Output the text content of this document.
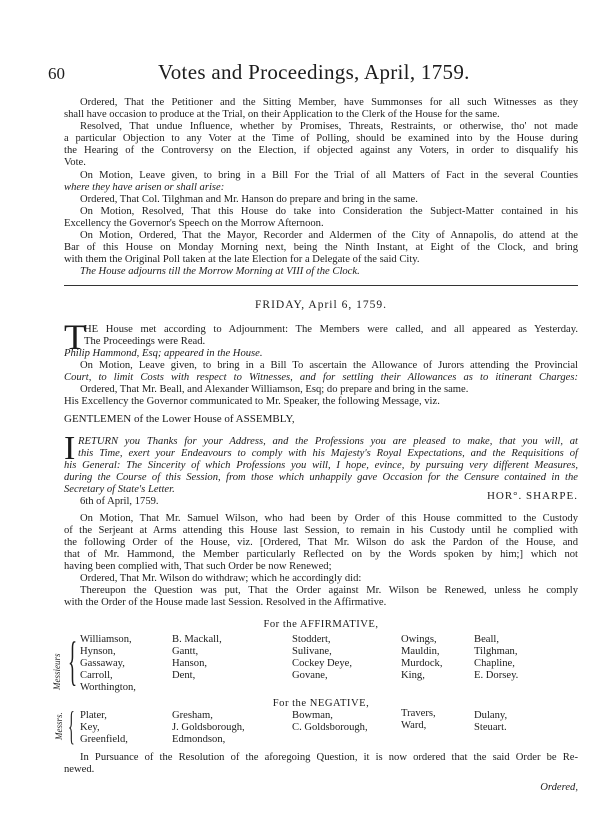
60	Votes and Proceedings, April, 1759.
Ordered, That the Petitioner and the Sitting Member, have Summonses for all such Witnesses as they
shall have occasion to produce at the Trial, on their Application to the Clerk of the House for the same.
Resolved, That undue Influence, whether by Promises, Threats, Restraints, or otherwise, tho' not made
a particular Objection to any Voter at the Time of Polling, should be examined into by the House during
the Hearing of the Controversy on the Election, if objected against any Voters, in order to disqualify his
Vote.
On Motion, Leave given, to bring in a Bill For the Trial of all Matters of Fact in the several Counties
where they have arisen or shall arise:
Ordered, That Col. Tilghman and Mr. Hanson do prepare and bring in the same.
On Motion, Resolved, That this House do take into Consideration the Subject-Matter contained in his
Excellency the Governor's Speech on the Morrow Afternoon.
On Motion, Ordered, That the Mayor, Recorder and Aldermen of the City of Annapolis, do attend at the
Bar of this House on Monday Morning next, being the Ninth Instant, at Eight of the Clock, and bring
with them the Original Poll taken at the late Election for a Delegate of the said City.
The House adjourns till the Morrow Morning at VIII of the Clock.
FRIDAY, April 6, 1759.
T
HE House met according to Adjournment: The Members were called, and all appeared as Yesterday.
The Proceedings were Read.
Philip Hammond, Esq; appeared in the House.
On Motion, Leave given, to bring in a Bill To ascertain the Allowance of Jurors attending the Provincial
Court, to limit Costs with respect to Witnesses, and for settling their Allowances as to itinerant Charges:
Ordered, That Mr. Beall, and Alexander Williamson, Esq; do prepare and bring in the same.
His Excellency the Governor communicated to Mr. Speaker, the following Message, viz.
GENTLEMEN of the Lower House of ASSEMBLY,
I RETURN you Thanks for your Address, and the Professions you are pleased to make, that you will, at
this Time, exert your Endeavours to comply with his Majesty's Royal Expectations, and the Requisitions of
his General: The Sincerity of which Professions you will, I hope, evince, by pursuing very different Measures,
during the Course of this Session, from those which unhappily gave Occasion for the Censure contained in the
Secretary of State's Letter.
6th of April, 1759.	HOR°. SHARPE.
On Motion, That Mr. Samuel Wilson, who had been by Order of this House committed to the Custody
of the Serjeant at Arms attending this House last Session, to remain in his Custody until he complied with
the following Order of the House, viz. [Ordered, That Mr. Wilson do ask the Pardon of the House, and
that of Mr. Hammond, the Member particularly Reflected on by the Words spoken by him;] which not
having been complied with, That such Order be now Renewed;
Ordered, That Mr. Wilson do withdraw; which he accordingly did:
Thereupon the Question was put, That the Order against Mr. Wilson be Renewed, unless he comply
with the Order of the House made last Session. Resolved in the Affirmative.
For the AFFIRMATIVE,
Messieurs { Williamson,
Hynson,
Gassaway,
Carroll,
Worthington,
B. Mackall,
Gantt,
Hanson,
Dent,
Stoddert,
Sulivane,
Cockey Deye,
Govane,
Owings,
Mauldin,
Murdock,
King,
Beall,
Tilghman,
Chapline,
E. Dorsey.
For the NEGATIVE,
Messrs. { Plater,
Key,
Greenfield,
Gresham,
J. Goldsborough,
Edmondson,
Bowman,
C. Goldsborough,
Travers,
Ward,
Dulany,
Steuart.
In Pursuance of the Resolution of the aforegoing Question, it is now ordered that the said Order be Re-
newed.
Ordered,
